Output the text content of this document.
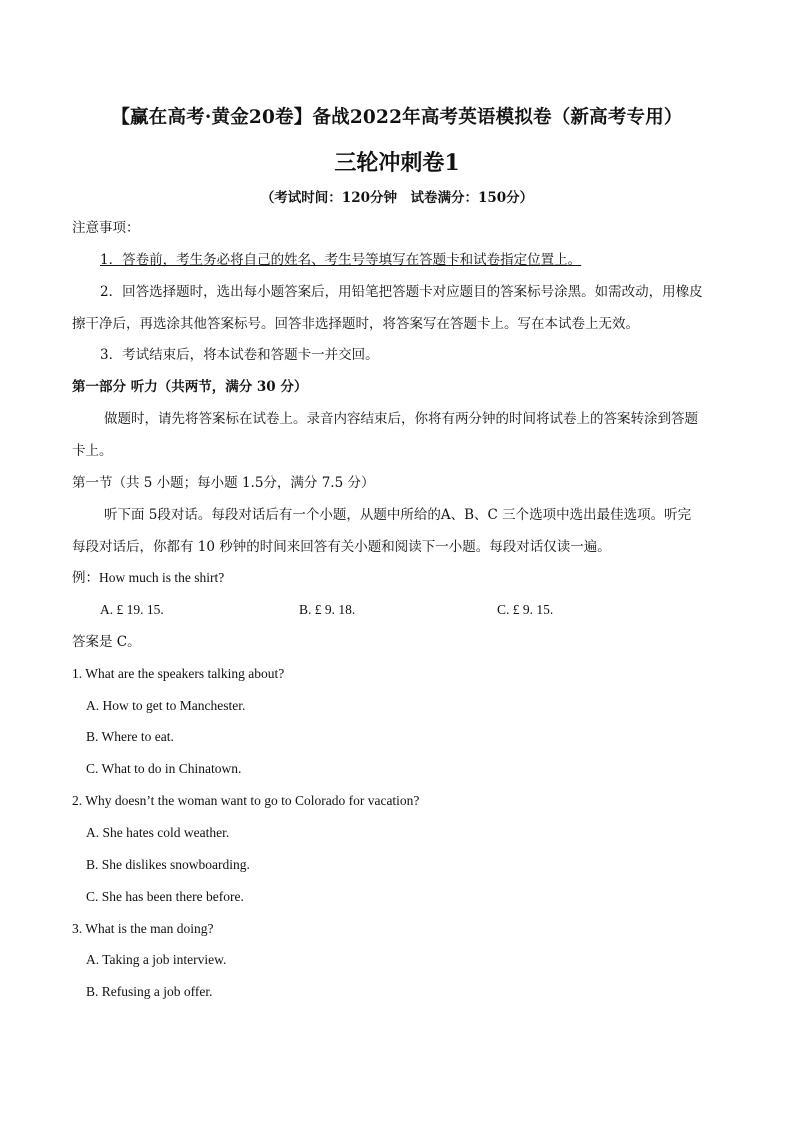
【赢在高考·黄金20卷】备战2022年高考英语模拟卷（新高考专用）
三轮冲刺卷1
（考试时间：120分钟　试卷满分：150分）
注意事项：
1．答卷前，考生务必将自己的姓名、考生号等填写在答题卡和试卷指定位置上。
2．回答选择题时，选出每小题答案后，用铅笔把答题卡对应题目的答案标号涂黑。如需改动，用橡皮
擦干净后，再选涂其他答案标号。回答非选择题时，将答案写在答题卡上。写在本试卷上无效。
3．考试结束后，将本试卷和答题卡一并交回。
第一部分 听力（共两节，满分 30 分）
做题时，请先将答案标在试卷上。录音内容结束后，你将有两分钟的时间将试卷上的答案转涂到答题
卡上。
第一节（共 5 小题；每小题 1.5分，满分 7.5 分）
听下面 5段对话。每段对话后有一个小题，从题中所给的A、B、C 三个选项中选出最佳选项。听完
每段对话后，你都有 10 秒钟的时间来回答有关小题和阅读下一小题。每段对话仅读一遍。
例：How much is the shirt?
A. £ 19. 15.	B. £ 9. 18.	C. £ 9. 15.
答案是 C。
1. What are the speakers talking about?
A. How to get to Manchester.
B. Where to eat.
C. What to do in Chinatown.
2. Why doesn’t the woman want to go to Colorado for vacation?
A. She hates cold weather.
B. She dislikes snowboarding.
C. She has been there before.
3. What is the man doing?
A. Taking a job interview.
B. Refusing a job offer.
